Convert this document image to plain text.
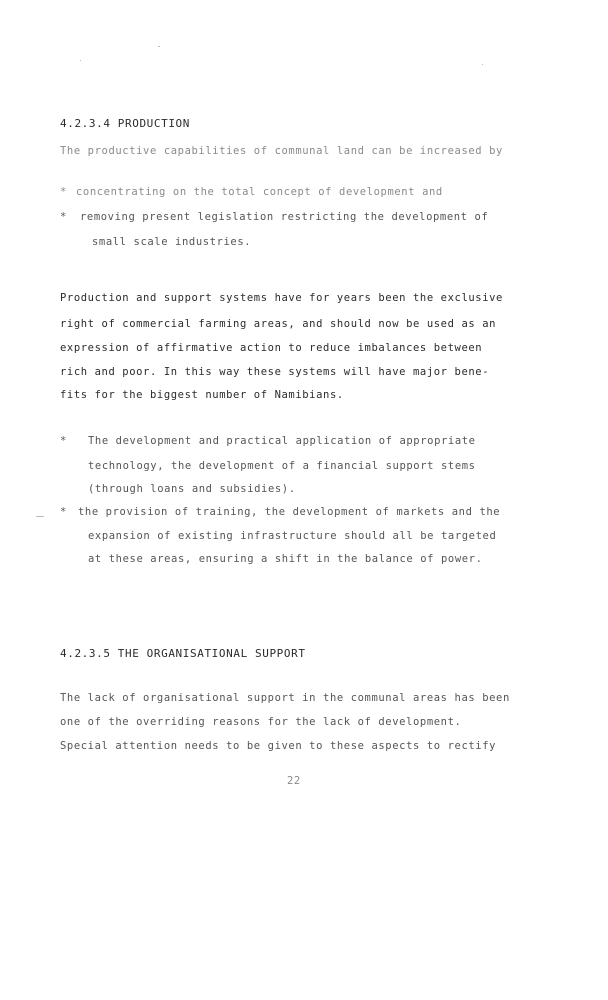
4.2.3.4 PRODUCTION
The productive capabilities of communal land can be increased by
* concentrating on the total concept of development and
* removing present legislation restricting the development of
small scale industries.
Production and support systems have for years been the exclusive
right of commercial farming areas, and should now be used as an
expression of affirmative action to reduce imbalances between
rich and poor. In this way these systems will have major bene-
fits for the biggest number of Namibians.
* The development and practical application of appropriate
technology, the development of a financial support stems
(through loans and subsidies).
* the provision of training, the development of markets and the
expansion of existing infrastructure should all be targeted
at these areas, ensuring a shift in the balance of power.
4.2.3.5 THE ORGANISATIONAL SUPPORT
The lack of organisational support in the communal areas has been
one of the overriding reasons for the lack of development.
Special attention needs to be given to these aspects to rectify
22
